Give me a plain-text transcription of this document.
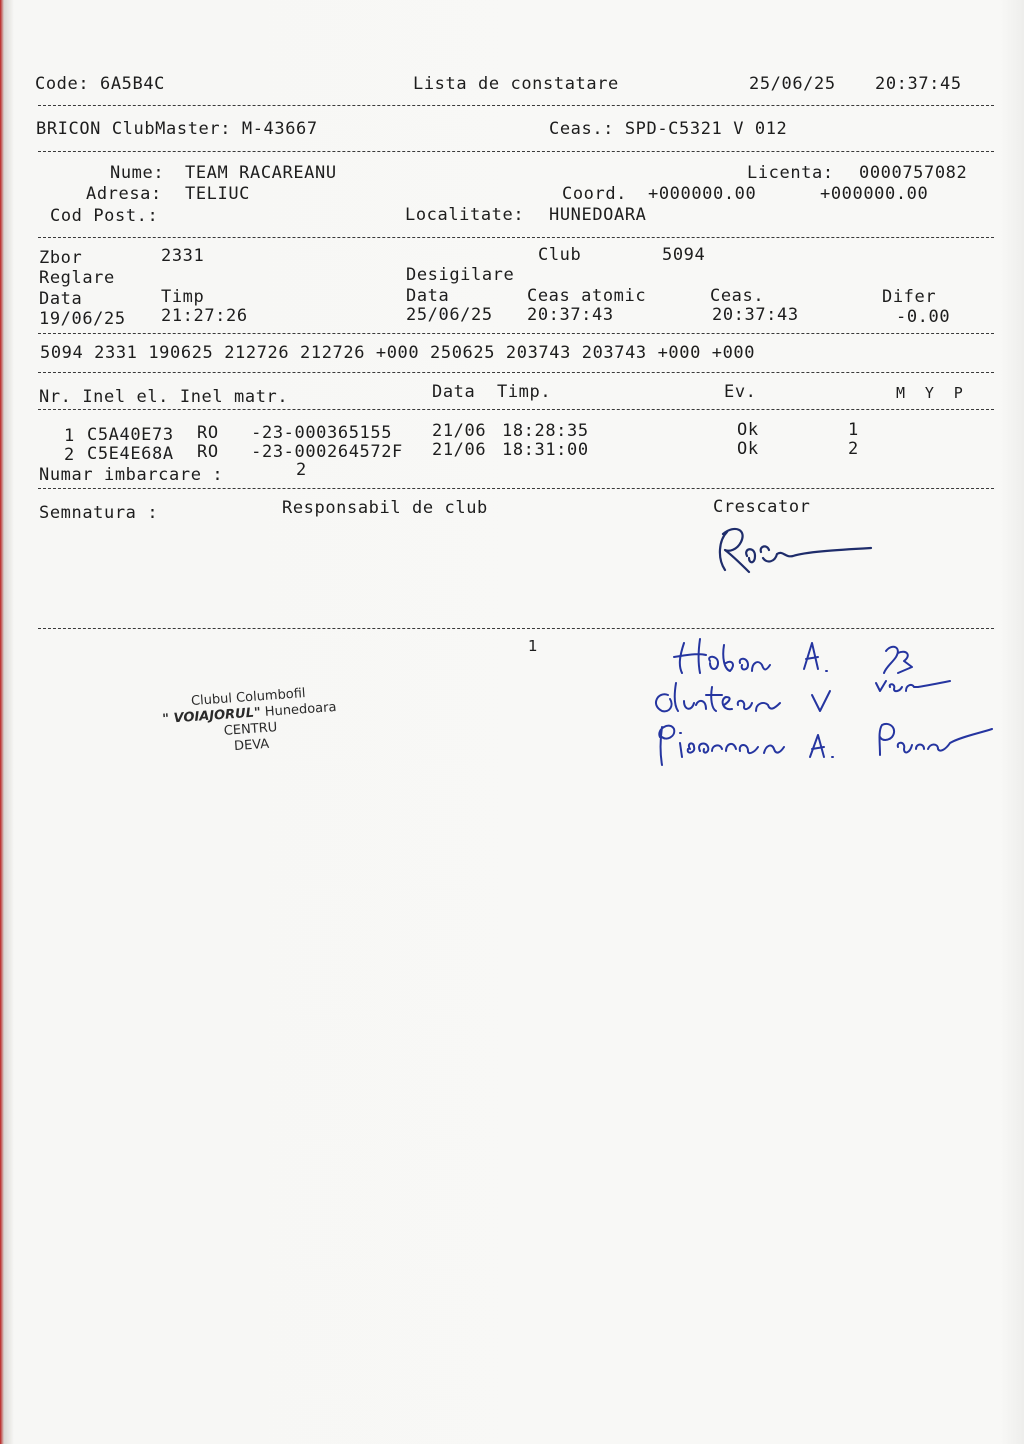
Code: 6A5B4C	Lista de constatare	25/06/25 20:37:45
BRICON ClubMaster: M-43667	Ceas.: SPD-C5321 V 012
Nume: TEAM RACAREANU	Licenta: 0000757082
Adresa: TELIUC	Coord. +000000.00	+000000.00
Cod Post.:	Localitate: HUNEDOARA
Zbor	2331	Club	5094
Reglare	Desigilare
Data	Timp	Data	Ceas atomic	Ceas.	Difer
19/06/25 21:27:26	25/06/25 20:37:43	20:37:43	-0.00
5094 2331 190625 212726 212726 +000 250625 203743 203743 +000 +000
Nr. Inel el. Inel matr.	Data  Timp.	Ev.	M  Y  P
1 C5A40E73 RO   -23-000365155 21/06 18:28:35	Ok	1
2 C5E4E68A RO   -23-000264572F 21/06 18:31:00	Ok	2
Numar imbarcare :	2
Semnatura :	Responsabil de club	Crescator
1
Clubul Columbofil
" VOIAJORUL" Hunedoara
CENTRU
DEVA
